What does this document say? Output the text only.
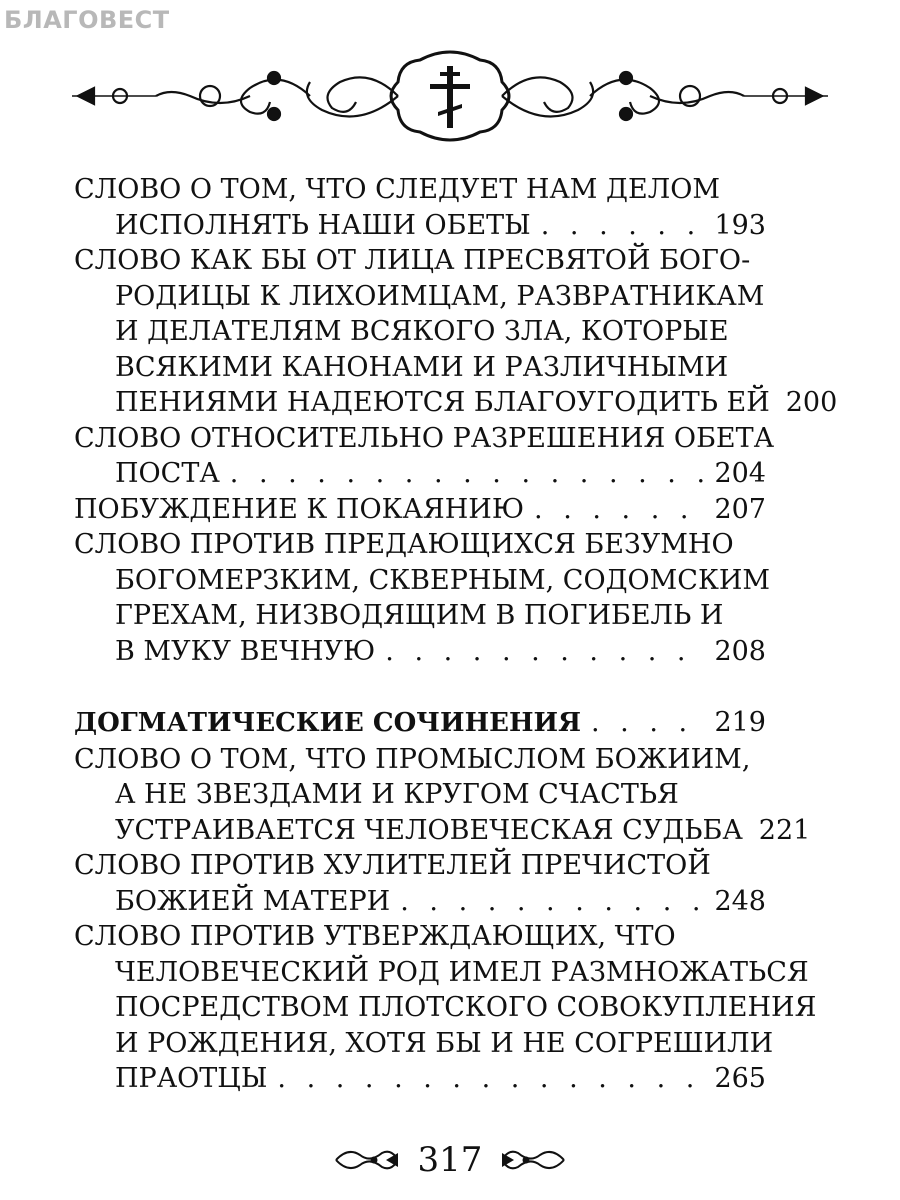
БЛАГОВЕСТ
СЛОВО О ТОМ, ЧТО СЛЕДУЕТ НАМ ДЕЛОМ
ИСПОЛНЯТЬ НАШИ ОБЕТЫ . . .	193
СЛОВО КАК БЫ ОТ ЛИЦА ПРЕСВЯТОЙ БОГО-
РОДИЦЫ К ЛИХОИМЦАМ, РАЗВРАТНИКАМ
И ДЕЛАТЕЛЯМ ВСЯКОГО ЗЛА, КОТОРЫЕ
ВСЯКИМИ КАНОНАМИ И РАЗЛИЧНЫМИ
ПЕНИЯМИ НАДЕЮТСЯ БЛАГОУГОДИТЬ ЕЙ 200
СЛОВО ОТНОСИТЕЛЬНО РАЗРЕШЕНИЯ ОБЕТА
ПОСТА . . .	204
ПОБУЖДЕНИЕ К ПОКАЯНИЮ . . .	207
СЛОВО ПРОТИВ ПРЕДАЮЩИХСЯ БЕЗУМНО
БОГОМЕРЗКИМ, СКВЕРНЫМ, СОДОМСКИМ
ГРЕХАМ, НИЗВОДЯЩИМ В ПОГИБЕЛЬ И
В МУКУ ВЕЧНУЮ . . .	208
ДОГМАТИЧЕСКИЕ СОЧИНЕНИЯ . . .	219
СЛОВО О ТОМ, ЧТО ПРОМЫСЛОМ БОЖИИМ,
А НЕ ЗВЕЗДАМИ И КРУГОМ СЧАСТЬЯ
УСТРАИВАЕТСЯ ЧЕЛОВЕЧЕСКАЯ СУДЬБА 221
СЛОВО ПРОТИВ ХУЛИТЕЛЕЙ ПРЕЧИСТОЙ
БОЖИЕЙ МАТЕРИ . . .	248
СЛОВО ПРОТИВ УТВЕРЖДАЮЩИХ, ЧТО
ЧЕЛОВЕЧЕСКИЙ РОД ИМЕЛ РАЗМНОЖАТЬСЯ
ПОСРЕДСТВОМ ПЛОТСКОГО СОВОКУПЛЕНИЯ
И РОЖДЕНИЯ, ХОТЯ БЫ И НЕ СОГРЕШИЛИ
ПРАОТЦЫ . . .	265
317
